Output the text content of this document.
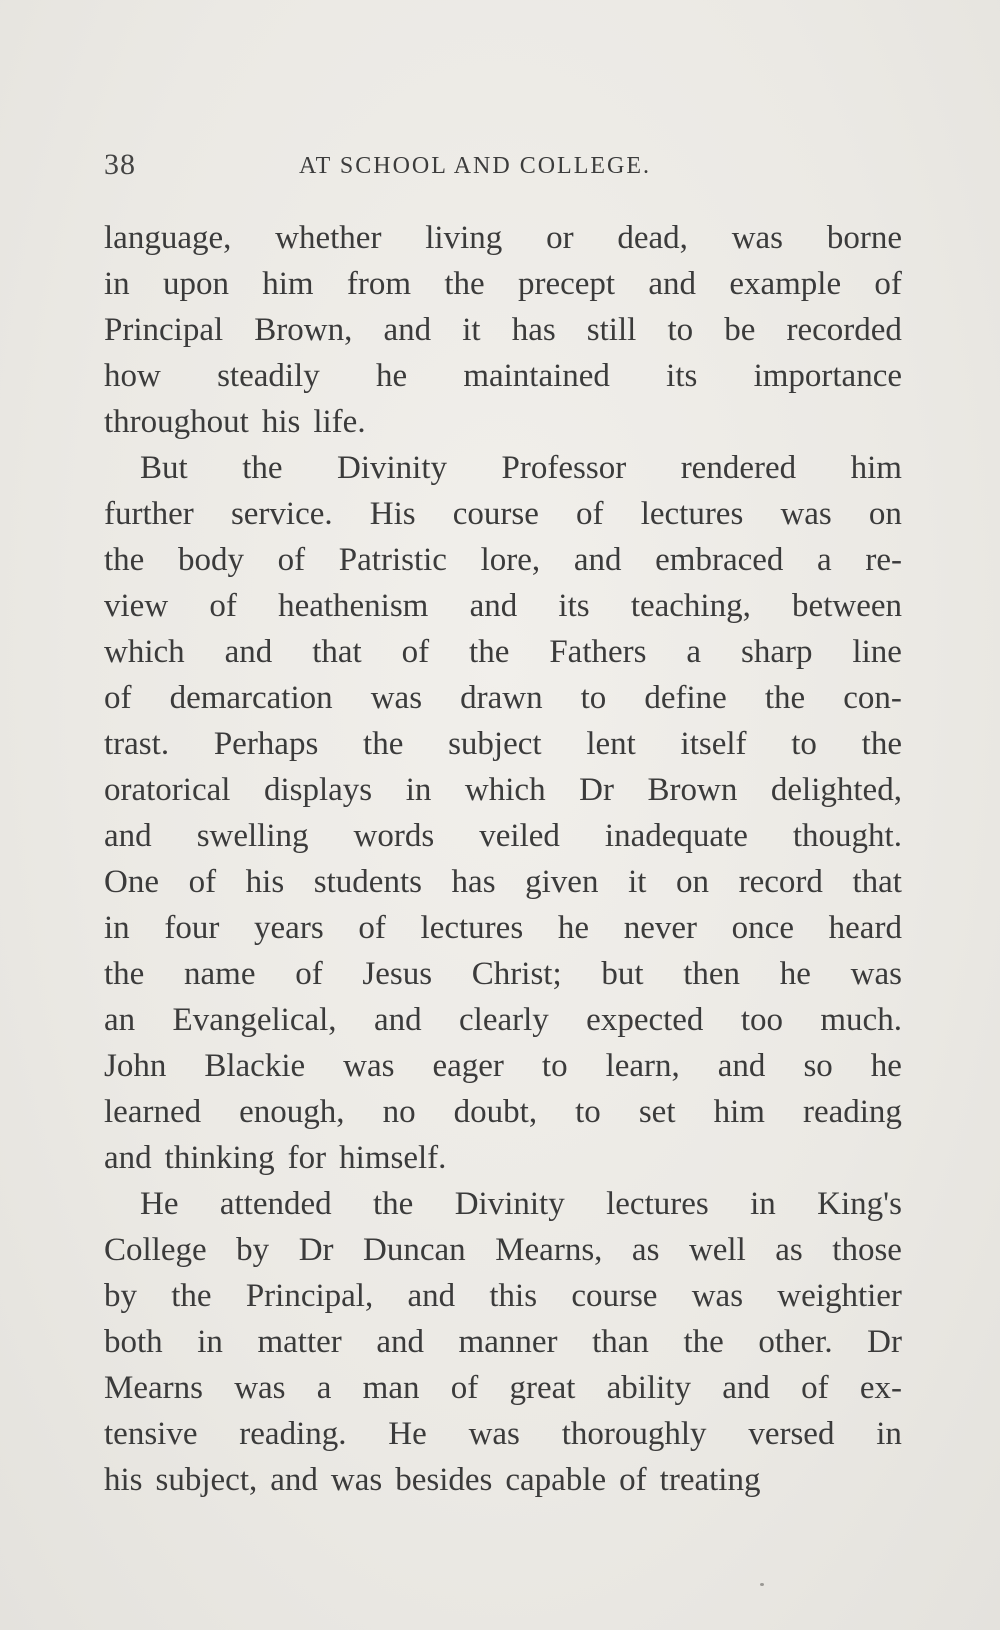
38	AT SCHOOL AND COLLEGE.
language, whether living or dead, was borne
in upon him from the precept and example of
Principal Brown, and it has still to be recorded
how steadily he maintained its importance
throughout his life.
But the Divinity Professor rendered him
further service. His course of lectures was on
the body of Patristic lore, and embraced a re-
view of heathenism and its teaching, between
which and that of the Fathers a sharp line
of demarcation was drawn to define the con-
trast. Perhaps the subject lent itself to the
oratorical displays in which Dr Brown delighted,
and swelling words veiled inadequate thought.
One of his students has given it on record that
in four years of lectures he never once heard
the name of Jesus Christ; but then he was
an Evangelical, and clearly expected too much.
John Blackie was eager to learn, and so he
learned enough, no doubt, to set him reading
and thinking for himself.
He attended the Divinity lectures in King's
College by Dr Duncan Mearns, as well as those
by the Principal, and this course was weightier
both in matter and manner than the other. Dr
Mearns was a man of great ability and of ex-
tensive reading. He was thoroughly versed in
his subject, and was besides capable of treating
